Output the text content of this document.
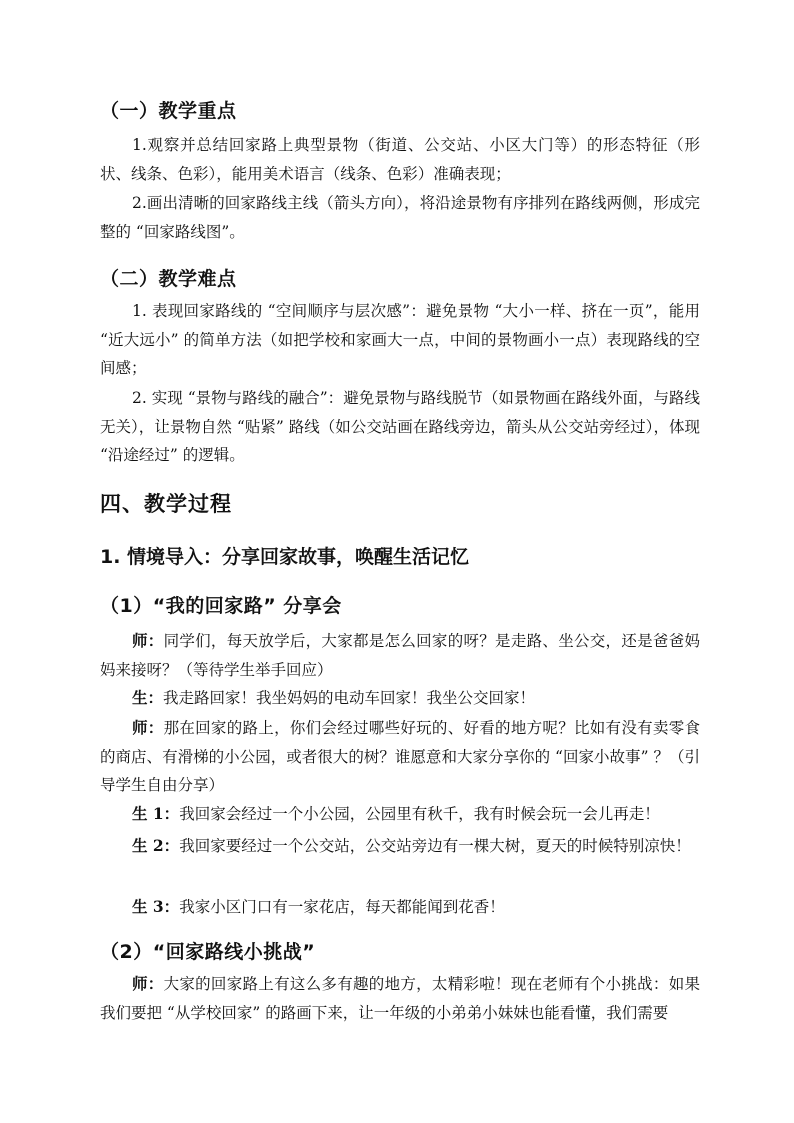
（一）教学重点

1.观察并总结回家路上典型景物（街道、公交站、小区大门等）的形态特征（形状、线条、色彩），能用美术语言（线条、色彩）准确表现；

2.画出清晰的回家路线主线（箭头方向），将沿途景物有序排列在路线两侧，形成完整的 “回家路线图”。

（二）教学难点

1. 表现回家路线的 “空间顺序与层次感”：避免景物 “大小一样、挤在一页”，能用 “近大远小” 的简单方法（如把学校和家画大一点，中间的景物画小一点）表现路线的空间感；

2. 实现 “景物与路线的融合”：避免景物与路线脱节（如景物画在路线外面，与路线无关），让景物自然 “贴紧” 路线（如公交站画在路线旁边，箭头从公交站旁经过），体现 “沿途经过” 的逻辑。

四、教学过程
1. 情境导入：分享回家故事，唤醒生活记忆
（1）“我的回家路” 分享会

师：同学们，每天放学后，大家都是怎么回家的呀？是走路、坐公交，还是爸爸妈妈来接呀？（等待学生举手回应）

生：我走路回家！我坐妈妈的电动车回家！我坐公交回家！

师：那在回家的路上，你们会经过哪些好玩的、好看的地方呢？比如有没有卖零食的商店、有滑梯的小公园，或者很大的树？谁愿意和大家分享你的 “回家小故事” ？（引导学生自由分享）

生 1：我回家会经过一个小公园，公园里有秋千，我有时候会玩一会儿再走！

生 2：我回家要经过一个公交站，公交站旁边有一棵大树，夏天的时候特别凉快！

生 3：我家小区门口有一家花店，每天都能闻到花香！

（2）“回家路线小挑战”

师：大家的回家路上有这么多有趣的地方，太精彩啦！现在老师有个小挑战：如果我们要把 “从学校回家” 的路画下来，让一年级的小弟弟小妹妹也能看懂，我们需要
